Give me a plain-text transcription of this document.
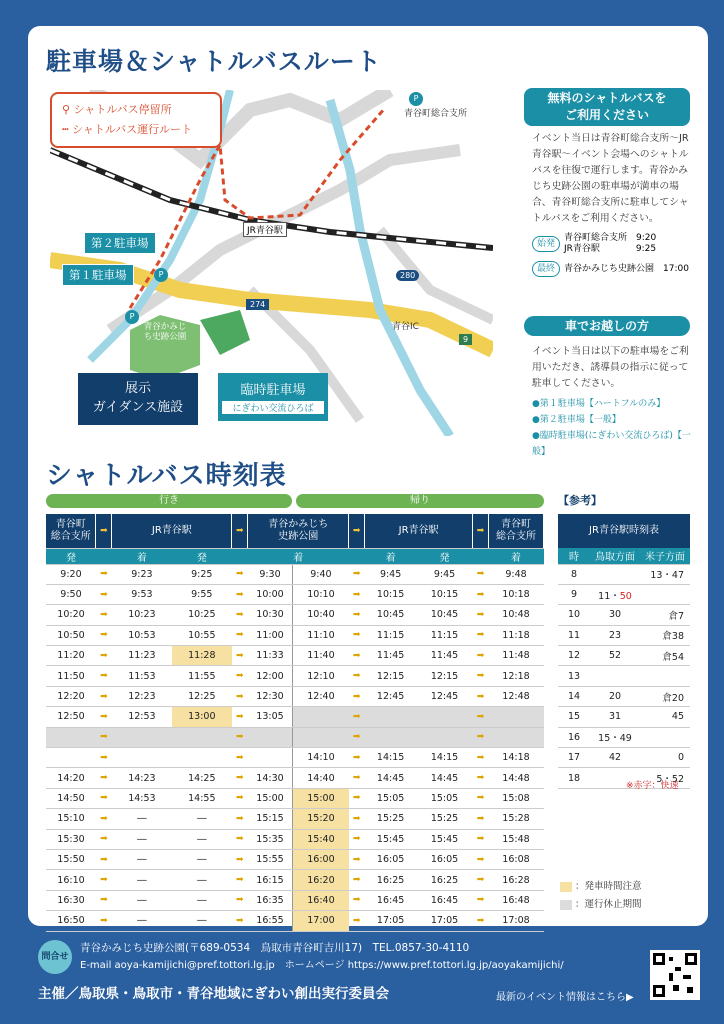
駐車場＆シャトルバスルート
⚲ シャトルバス停留所
┅ シャトルバス運行ルート
第２駐車場
第１駐車場
青谷町総合支所
JR青谷駅
青谷IC
274
280
9
青谷かみじち史跡公園
展示
ガイダンス施設
臨時駐車場
にぎわい交流ひろば
P
P
P	無料のシャトルバスを
ご利用ください

イベント当日は青谷町総合支所～JR青谷駅～イベント会場へのシャトルバスを往復で運行します。青谷かみじち史跡公園の駐車場が満車の場合、青谷町総合支所に駐車してシャトルバスをご利用ください。

始発
青谷町総合支所　9:20
JR青谷駅　　　　9:25
最終 青谷かみじち史跡公園　17:00
車でお越しの方

イベント当日は以下の駐車場をご利用いただき、誘導員の指示に従って駐車してください。

●第１駐車場【ハートフルのみ】
●第２駐車場【一般】
●臨時駐車場(にぎわい交流ひろば)【一般】
シャトルバス時刻表
行き	帰り
青谷町
総合支所	➡	JR青谷駅		➡	青谷かみじち
史跡公園		➡	JR青谷駅		➡	青谷町
総合支所
発		着	発		着			着	発		着
9:20	➡	9:23	9:25	➡	9:30	9:40	➡	9:45	9:45	➡	9:48
9:50	➡	9:53	9:55	➡	10:00	10:10	➡	10:15	10:15	➡	10:18
10:20	➡	10:23	10:25	➡	10:30	10:40	➡	10:45	10:45	➡	10:48
10:50	➡	10:53	10:55	➡	11:00	11:10	➡	11:15	11:15	➡	11:18
11:20	➡	11:23	11:28	➡	11:33	11:40	➡	11:45	11:45	➡	11:48
11:50	➡	11:53	11:55	➡	12:00	12:10	➡	12:15	12:15	➡	12:18
12:20	➡	12:23	12:25	➡	12:30	12:40	➡	12:45	12:45	➡	12:48
12:50	➡	12:53	13:00	➡	13:05		➡			➡	
	➡			➡			➡			➡	
	➡			➡		14:10	➡	14:15	14:15	➡	14:18
14:20	➡	14:23	14:25	➡	14:30	14:40	➡	14:45	14:45	➡	14:48
14:50	➡	14:53	14:55	➡	15:00	15:00	➡	15:05	15:05	➡	15:08
15:10	➡	―	―	➡	15:15	15:20	➡	15:25	15:25	➡	15:28
15:30	➡	―	―	➡	15:35	15:40	➡	15:45	15:45	➡	15:48
15:50	➡	―	―	➡	15:55	16:00	➡	16:05	16:05	➡	16:08
16:10	➡	―	―	➡	16:15	16:20	➡	16:25	16:25	➡	16:28
16:30	➡	―	―	➡	16:35	16:40	➡	16:45	16:45	➡	16:48
16:50	➡	―	―	➡	16:55	17:00	➡	17:05	17:05	➡	17:08
【参考】
JR青谷駅時刻表		
時	鳥取方面	米子方面
8		13・47
9	11・50	
10	30	倉7
11	23	倉38
12	52	倉54
13		
14	20	倉20
15	31	45
16	15・49	
17	42	0
18		5・52
※赤字：快速
：発車時間注意
：運行休止期間
問合せ
青谷かみじち史跡公園(〒689-0534　鳥取市青谷町吉川17)　TEL.0857-30-4110
E-mail aoya-kamijichi@pref.tottori.lg.jp　ホームページ https://www.pref.tottori.lg.jp/aoyakamijichi/
主催／鳥取県・鳥取市・青谷地域にぎわい創出実行委員会	最新のイベント情報はこちら▶
